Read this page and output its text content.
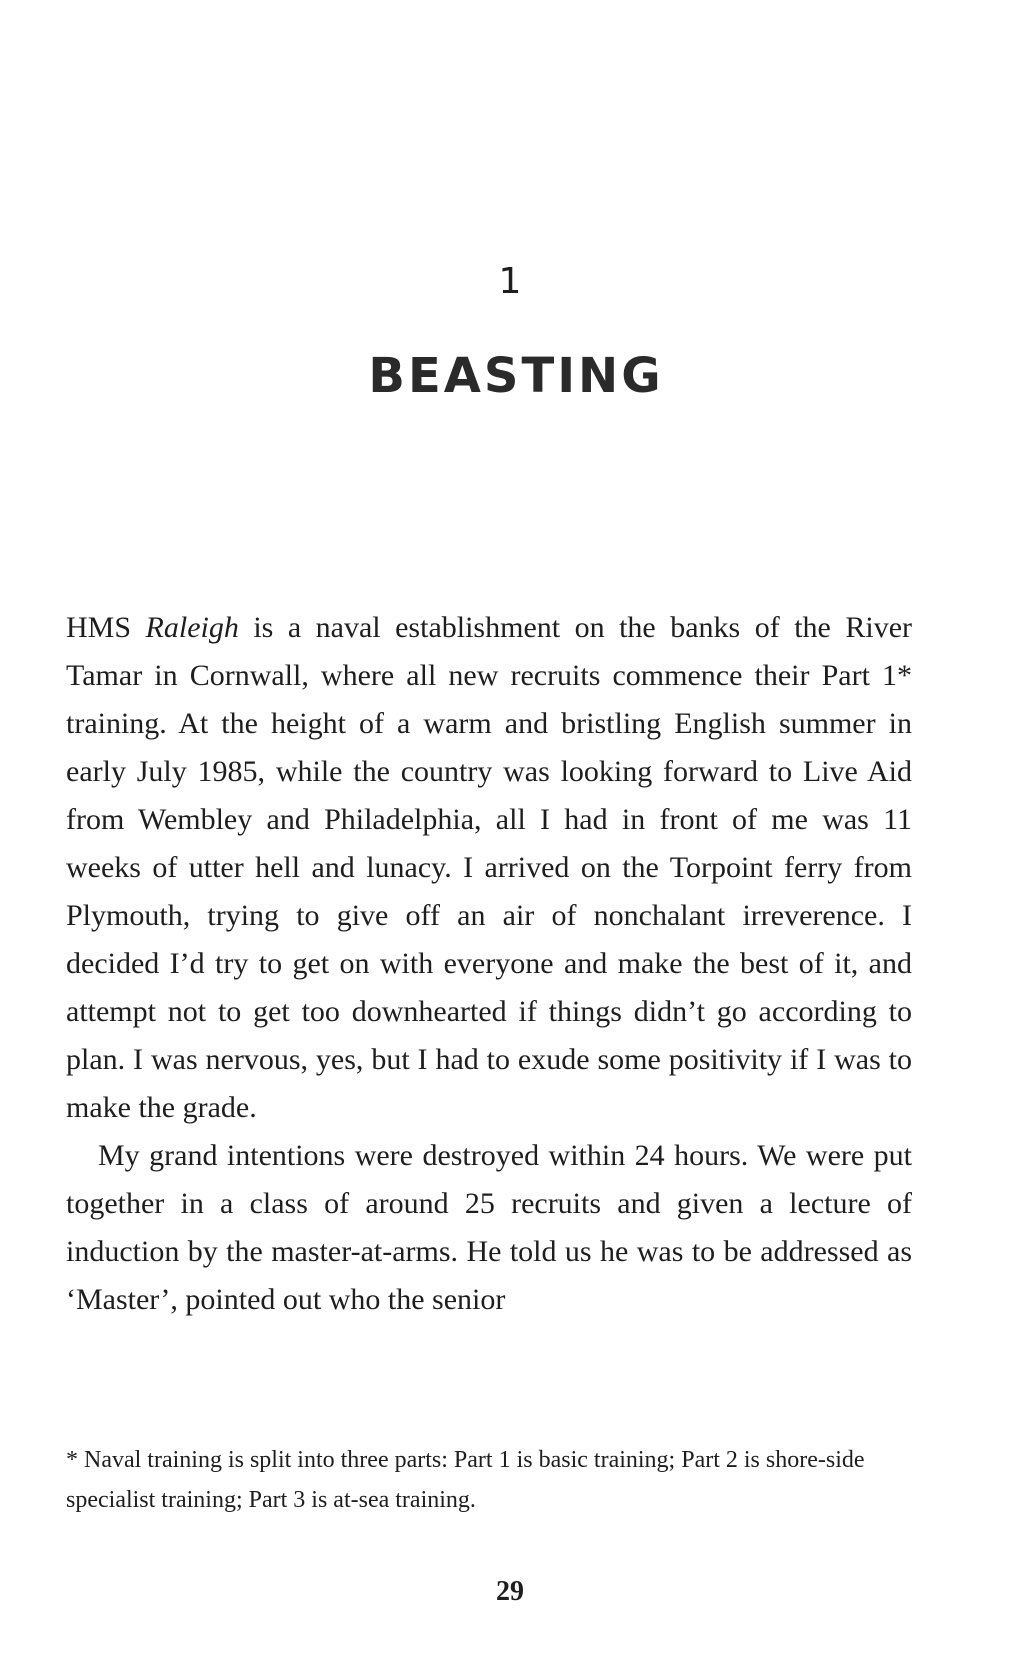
1
BEASTING

HMS Raleigh is a naval establishment on the banks of the River Tamar in Cornwall, where all new recruits commence their Part 1* training. At the height of a warm and bristling English summer in early July 1985, while the country was looking forward to Live Aid from Wembley and Philadelphia, all I had in front of me was 11 weeks of utter hell and lunacy. I arrived on the Torpoint ferry from Plymouth, trying to give off an air of nonchalant irreverence. I decided I’d try to get on with everyone and make the best of it, and attempt not to get too downhearted if things didn’t go according to plan. I was nervous, yes, but I had to exude some positivity if I was to make the grade.

My grand intentions were destroyed within 24 hours. We were put together in a class of around 25 recruits and given a lecture of induction by the master-at-arms. He told us he was to be addressed as ‘Master’, pointed out who the senior

* Naval training is split into three parts: Part 1 is basic training; Part 2 is shore-side specialist training; Part 3 is at-sea training.

29
